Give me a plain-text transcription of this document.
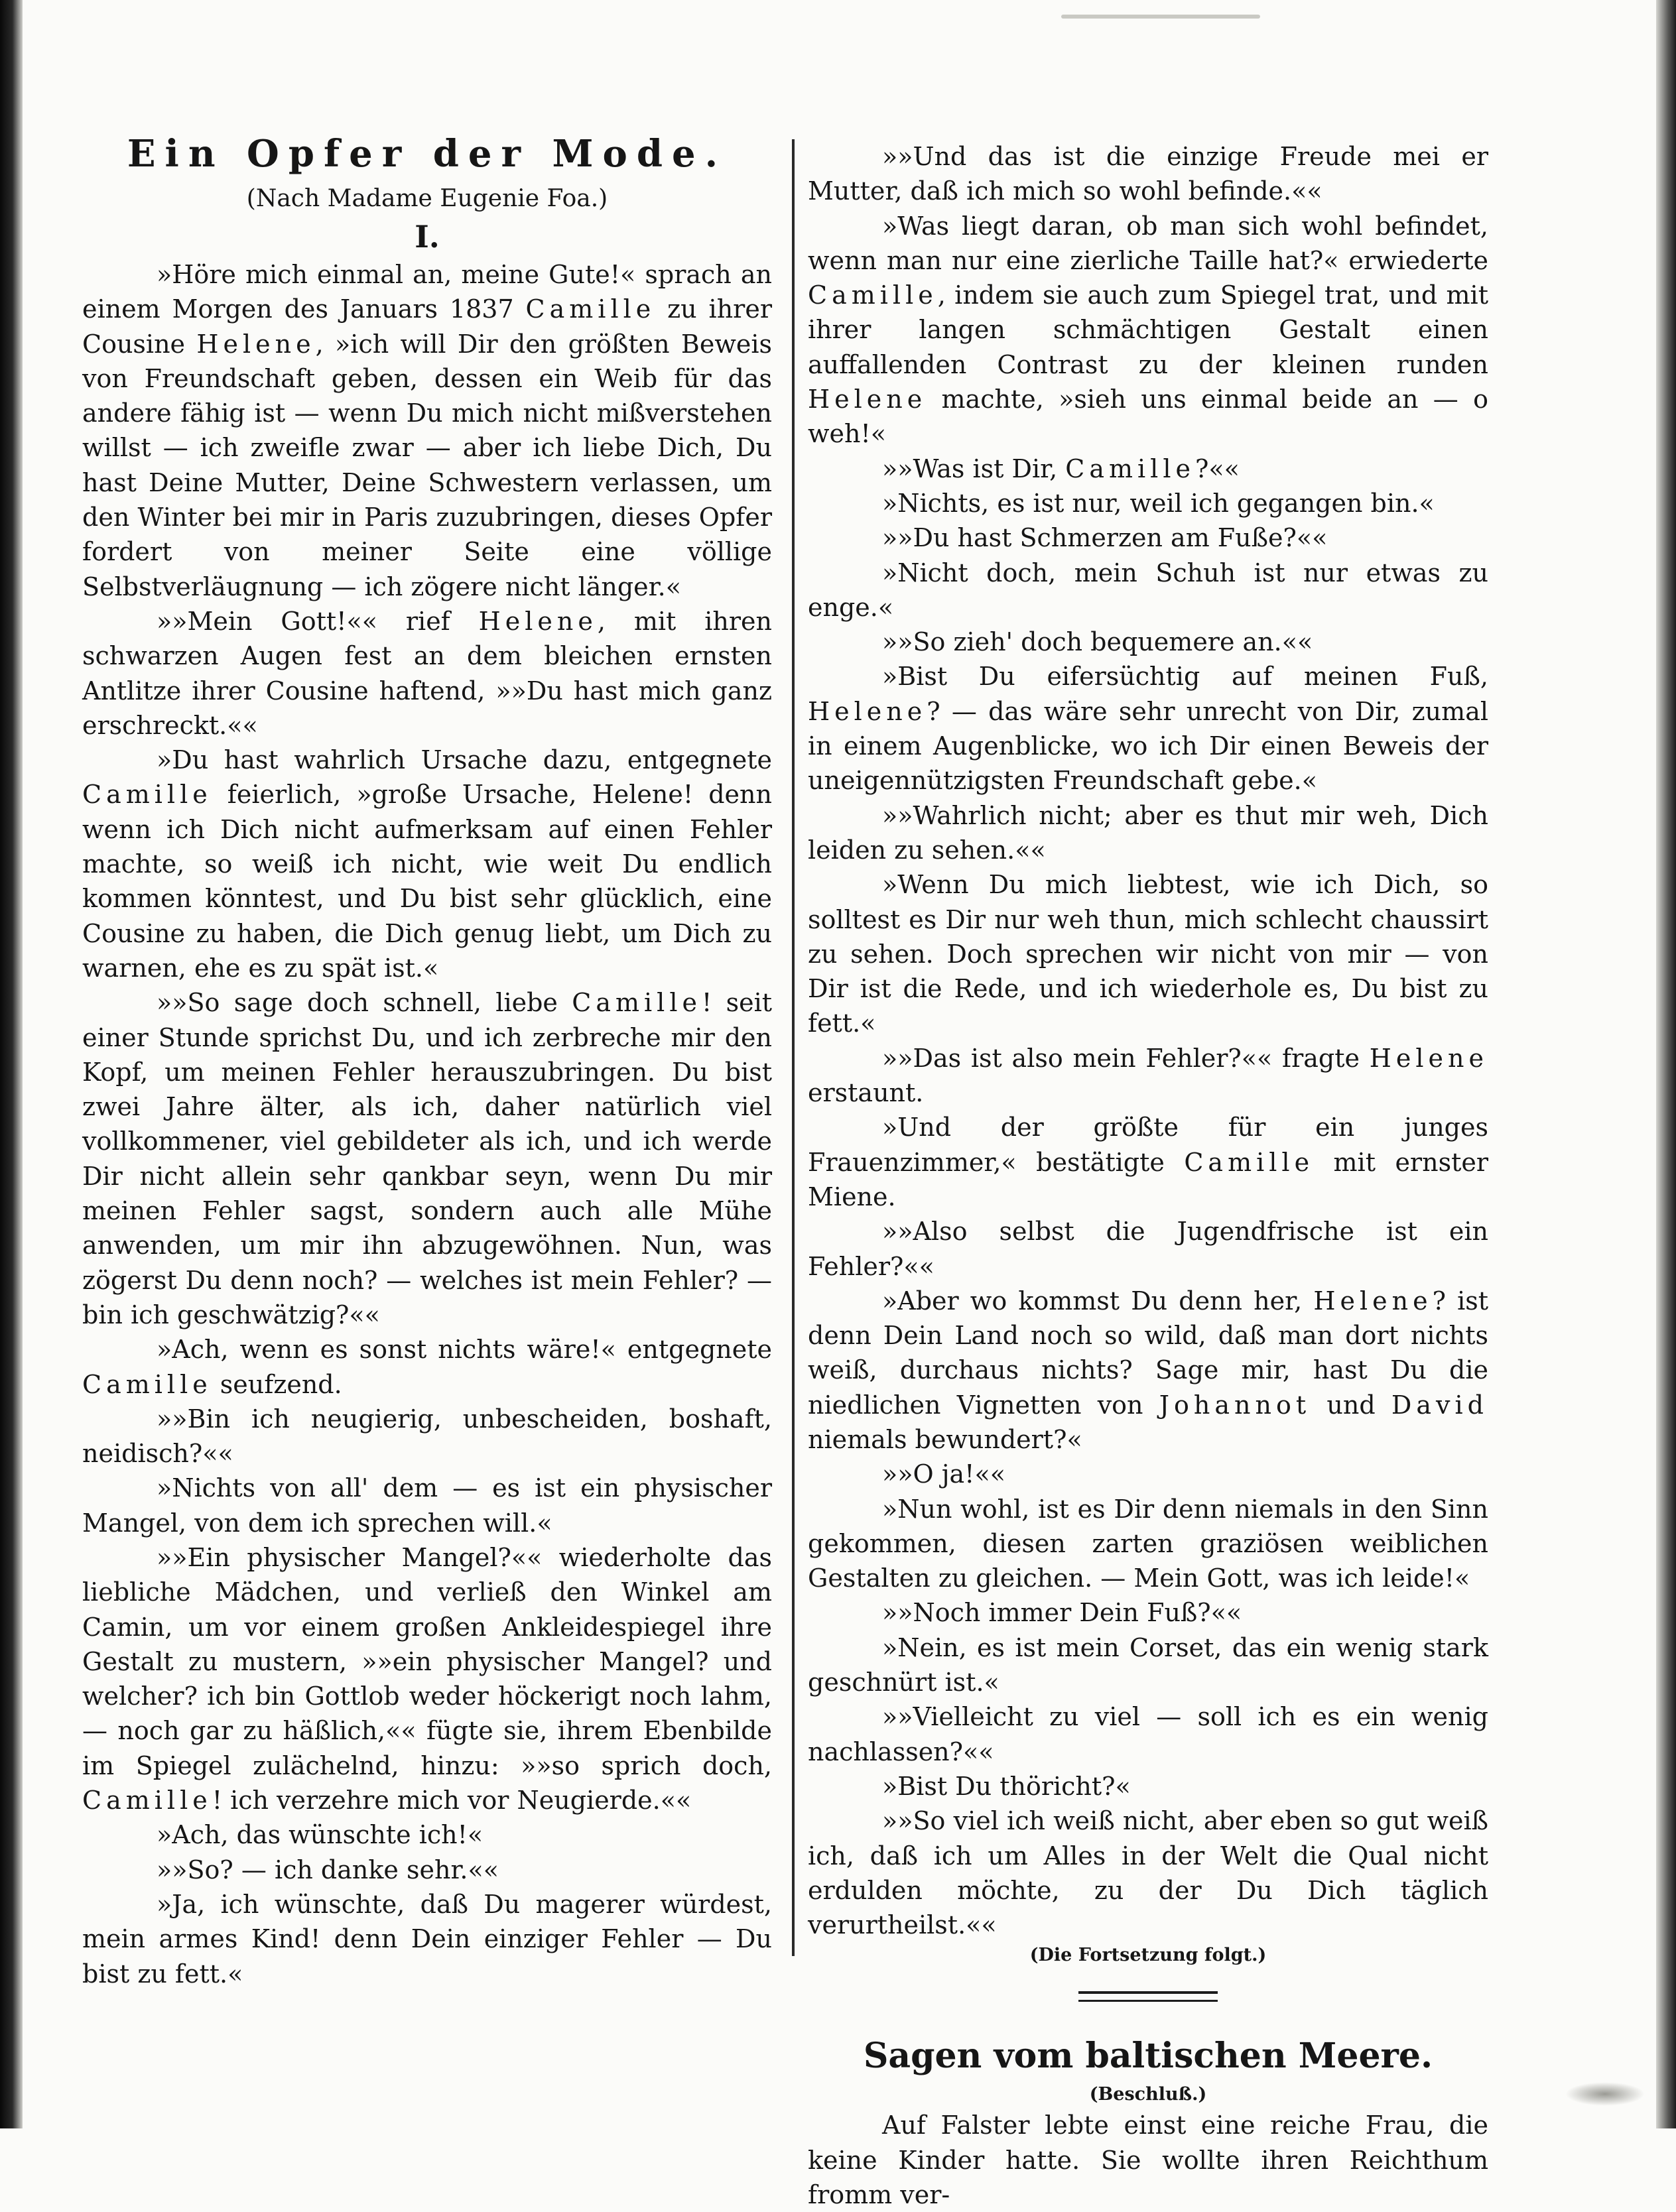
Ein Opfer der Mode.

(Nach Madame Eugenie Foa.)

I.

»Höre mich einmal an, meine Gute!« sprach an einem Morgen des Januars 1837 Camille zu ihrer Cousine Helene, »ich will Dir den größten Beweis von Freundschaft geben, dessen ein Weib für das andere fähig ist — wenn Du mich nicht mißverstehen willst — ich zweifle zwar — aber ich liebe Dich, Du hast Deine Mutter, Deine Schwestern verlassen, um den Winter bei mir in Paris zuzubringen, dieses Opfer fordert von meiner Seite eine völlige Selbstverläugnung — ich zögere nicht länger.«

»»Mein Gott!«« rief Helene, mit ihren schwarzen Augen fest an dem bleichen ernsten Antlitze ihrer Cousine haftend, »»Du hast mich ganz erschreckt.««

»Du hast wahrlich Ursache dazu, entgegnete Camille feierlich, »große Ursache, Helene! denn wenn ich Dich nicht aufmerksam auf einen Fehler machte, so weiß ich nicht, wie weit Du endlich kommen könntest, und Du bist sehr glücklich, eine Cousine zu haben, die Dich genug liebt, um Dich zu warnen, ehe es zu spät ist.«

»»So sage doch schnell, liebe Camille! seit einer Stunde sprichst Du, und ich zerbreche mir den Kopf, um meinen Fehler herauszubringen. Du bist zwei Jahre älter, als ich, daher natürlich viel vollkommener, viel gebildeter als ich, und ich werde Dir nicht allein sehr qankbar seyn, wenn Du mir meinen Fehler sagst, sondern auch alle Mühe anwenden, um mir ihn abzugewöhnen. Nun, was zögerst Du denn noch? — welches ist mein Fehler? — bin ich geschwätzig?««

»Ach, wenn es sonst nichts wäre!« entgegnete Camille seufzend.

»»Bin ich neugierig, unbescheiden, boshaft, neidisch?««

»Nichts von all' dem — es ist ein physischer Mangel, von dem ich sprechen will.«

»»Ein physischer Mangel?«« wiederholte das liebliche Mädchen, und verließ den Winkel am Camin, um vor einem großen Ankleidespiegel ihre Gestalt zu mustern, »»ein physischer Mangel? und welcher? ich bin Gottlob weder höckerigt noch lahm, — noch gar zu häßlich,«« fügte sie, ihrem Ebenbilde im Spiegel zulächelnd, hinzu: »»so sprich doch, Camille! ich verzehre mich vor Neugierde.««

»Ach, das wünschte ich!«

»»So? — ich danke sehr.««

»Ja, ich wünschte, daß Du magerer würdest, mein armes Kind! denn Dein einziger Fehler — Du bist zu fett.«

»»Und das ist die einzige Freude mei er Mutter, daß ich mich so wohl befinde.««

»Was liegt daran, ob man sich wohl befindet, wenn man nur eine zierliche Taille hat?« erwiederte Camille, indem sie auch zum Spiegel trat, und mit ihrer langen schmächtigen Gestalt einen auffallenden Contrast zu der kleinen runden Helene machte, »sieh uns einmal beide an — o weh!«

»»Was ist Dir, Camille?««

»Nichts, es ist nur, weil ich gegangen bin.«

»»Du hast Schmerzen am Fuße?««

»Nicht doch, mein Schuh ist nur etwas zu enge.«

»»So zieh' doch bequemere an.««

»Bist Du eifersüchtig auf meinen Fuß, Helene? — das wäre sehr unrecht von Dir, zumal in einem Augenblicke, wo ich Dir einen Beweis der uneigennützigsten Freundschaft gebe.«

»»Wahrlich nicht; aber es thut mir weh, Dich leiden zu sehen.««

»Wenn Du mich liebtest, wie ich Dich, so solltest es Dir nur weh thun, mich schlecht chaussirt zu sehen. Doch sprechen wir nicht von mir — von Dir ist die Rede, und ich wiederhole es, Du bist zu fett.«

»»Das ist also mein Fehler?«« fragte Helene erstaunt.

»Und der größte für ein junges Frauenzimmer,« bestätigte Camille mit ernster Miene.

»»Also selbst die Jugendfrische ist ein Fehler?««

»Aber wo kommst Du denn her, Helene? ist denn Dein Land noch so wild, daß man dort nichts weiß, durchaus nichts? Sage mir, hast Du die niedlichen Vignetten von Johannot und David niemals bewundert?«

»»O ja!««

»Nun wohl, ist es Dir denn niemals in den Sinn gekommen, diesen zarten graziösen weiblichen Gestalten zu gleichen. — Mein Gott, was ich leide!«

»»Noch immer Dein Fuß?««

»Nein, es ist mein Corset, das ein wenig stark geschnürt ist.«

»»Vielleicht zu viel — soll ich es ein wenig nachlassen?««

»Bist Du thöricht?«

»»So viel ich weiß nicht, aber eben so gut weiß ich, daß ich um Alles in der Welt die Qual nicht erdulden möchte, zu der Du Dich täglich verurtheilst.««

(Die Fortsetzung folgt.)

Sagen vom baltischen Meere.

(Beschluß.)

Auf Falster lebte einst eine reiche Frau, die keine Kinder hatte. Sie wollte ihren Reichthum fromm ver-
